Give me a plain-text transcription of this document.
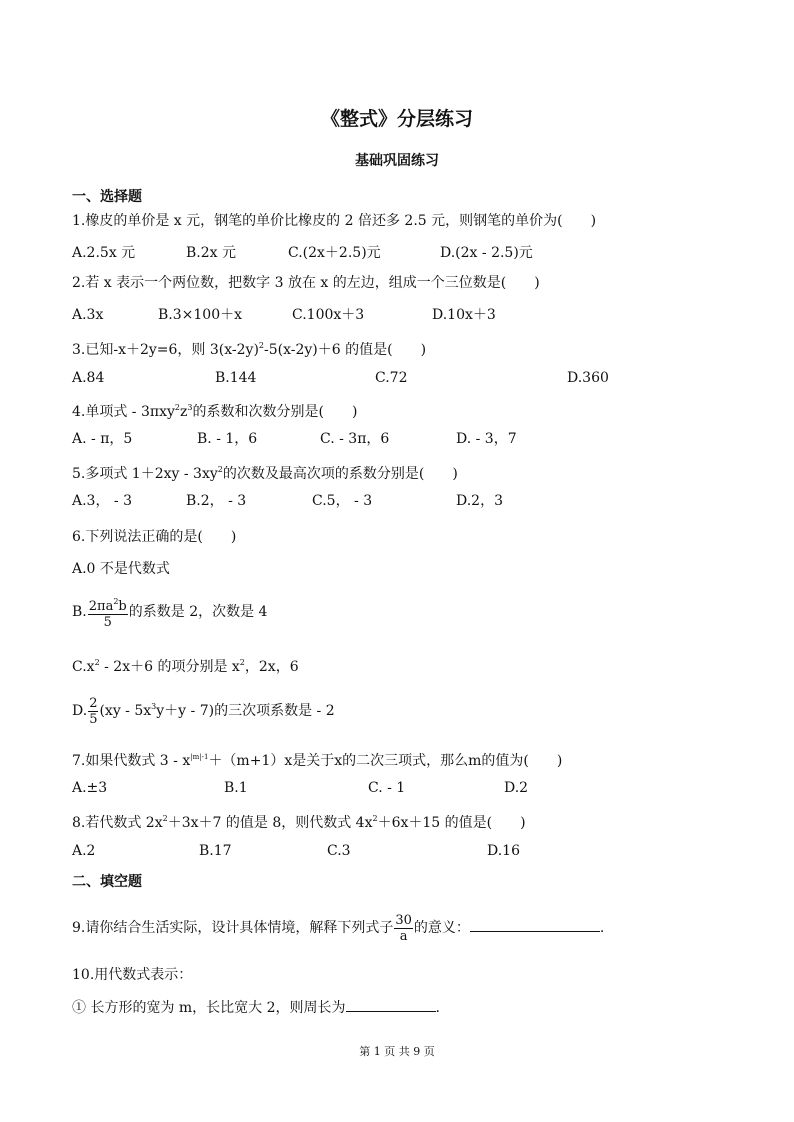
《整式》分层练习
基础巩固练习
一、选择题
1.橡皮的单价是 x 元，钢笔的单价比橡皮的 2 倍还多 2.5 元，则钢笔的单价为(　　)
A.2.5x 元	B.2x 元	C.(2x＋2.5)元	D.(2x - 2.5)元
2.若 x 表示一个两位数，把数字 3 放在 x 的左边，组成一个三位数是(　　)
A.3x	B.3×100＋x	C.100x＋3	D.10x＋3
3.已知-x＋2y=6，则 $3(x-2y)^2-5(x-2y)+6$ 的值是(　　)
A.84	B.144	C.72	D.360
4.单项式 - $3\pi xy^2z^3$的系数和次数分别是(　　)
A. - π，5	B. - 1，6	C. - 3π，6	D. - 3，7
5.多项式 $1+2xy - 3xy^2$的次数及最高次项的系数分别是(　　)
A.3， - 3	B.2， - 3	C.5， - 3	D.2，3
6.下列说法正确的是(　　)
A.0 不是代数式
B. $\frac{2\pi a^2b}{5}$ 的系数是 2，次数是 4
$C.x^2 - 2x+6$ 的项分别是 $x^2$，2x，6
D. $\frac{2}{5} (xy - 5x^3y+y - 7)$的三次项系数是 - 2
7.如果代数式 $3 - x^{|m|-1}+(m+1)x$是关于x的二次三项式，那么m的值为(　　)
A.±3	B.1	C. - 1	D.2
8.若代数式 $2x^2+3x+7$ 的值是 8，则代数式 $4x^2+6x+15$ 的值是(　　)
A.2	B.17	C.3	D.16
二、填空题
9.请你结合生活实际，设计具体情境，解释下列式子 $\frac{30}{a}$ 的意义：	.
10.用代数式表示：
① 长方形的宽为 m，长比宽大 2，则周长为	.
第 1 页 共 9 页
